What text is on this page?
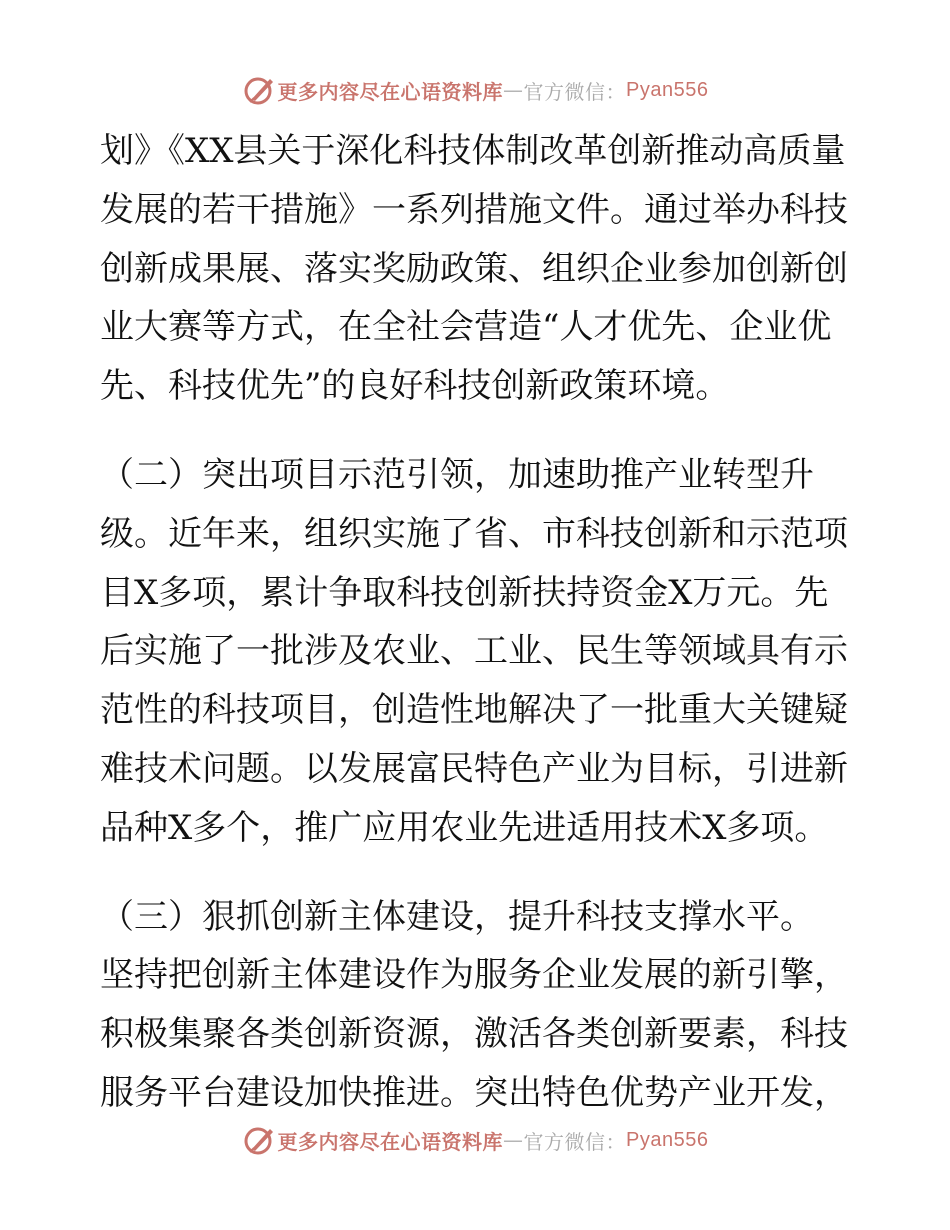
更多内容尽在心语资料库 — 官方微信： Pyan556
划》《XX县关于深化科技体制改革创新推动高质量
发展的若干措施》一系列措施文件。通过举办科技
创新成果展、落实奖励政策、组织企业参加创新创
业大赛等方式，在全社会营造“人才优先、企业优
先、科技优先”的良好科技创新政策环境。
（二）突出项目示范引领，加速助推产业转型升
级。近年来，组织实施了省、市科技创新和示范项
目X多项，累计争取科技创新扶持资金X万元。先
后实施了一批涉及农业、工业、民生等领域具有示
范性的科技项目，创造性地解决了一批重大关键疑
难技术问题。以发展富民特色产业为目标，引进新
品种X多个，推广应用农业先进适用技术X多项。
（三）狠抓创新主体建设，提升科技支撑水平。
坚持把创新主体建设作为服务企业发展的新引擎，
积极集聚各类创新资源，激活各类创新要素，科技
服务平台建设加快推进。突出特色优势产业开发，
更多内容尽在心语资料库 — 官方微信： Pyan556
